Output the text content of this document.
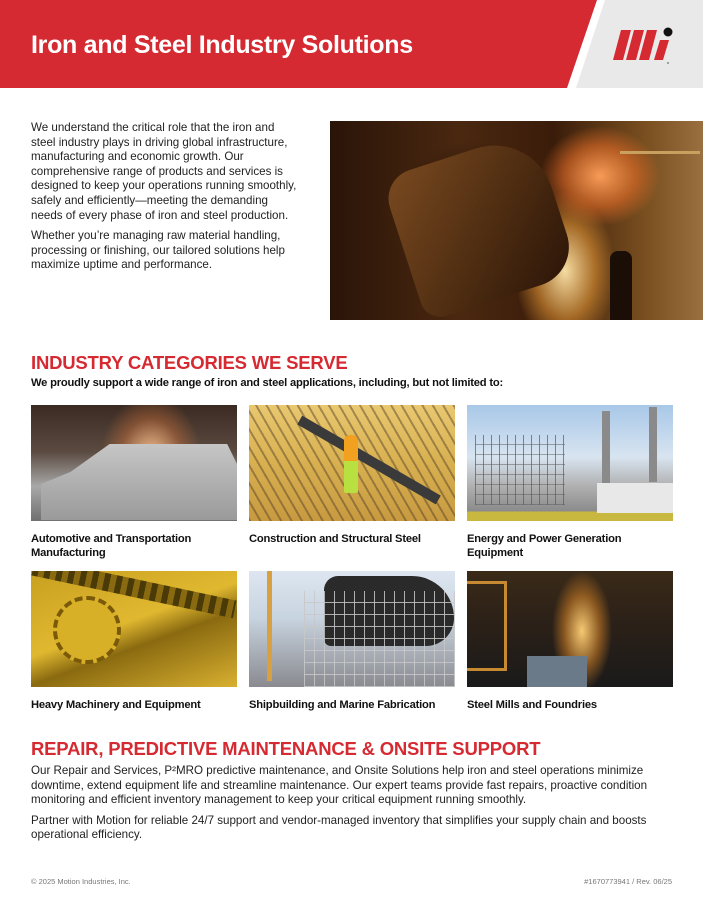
Iron and Steel Industry Solutions

We understand the critical role that the iron and steel industry plays in driving global infrastructure, manufacturing and economic growth. Our comprehensive range of products and services is designed to keep your operations running smoothly, safely and efficiently—meeting the demanding needs of every phase of iron and steel production.

Whether you’re managing raw material handling, processing or finishing, our tailored solutions help maximize uptime and performance.

INDUSTRY CATEGORIES WE SERVE
We proudly support a wide range of iron and steel applications, including, but not limited to:
Automotive and Transportation Manufacturing
Construction and Structural Steel	Energy and Power Generation Equipment
Heavy Machinery and Equipment	Shipbuilding and Marine Fabrication	Steel Mills and Foundries
REPAIR, PREDICTIVE MAINTENANCE & ONSITE SUPPORT

Our Repair and Services, P²MRO predictive maintenance, and Onsite Solutions help iron and steel operations minimize downtime, extend equipment life and streamline maintenance. Our expert teams provide fast repairs, proactive condition monitoring and efficient inventory management to keep your critical equipment running smoothly.

Partner with Motion for reliable 24/7 support and vendor-managed inventory that simplifies your supply chain and boosts operational efficiency.

© 2025 Motion Industries, Inc.	#1670773941 / Rev. 06/25
